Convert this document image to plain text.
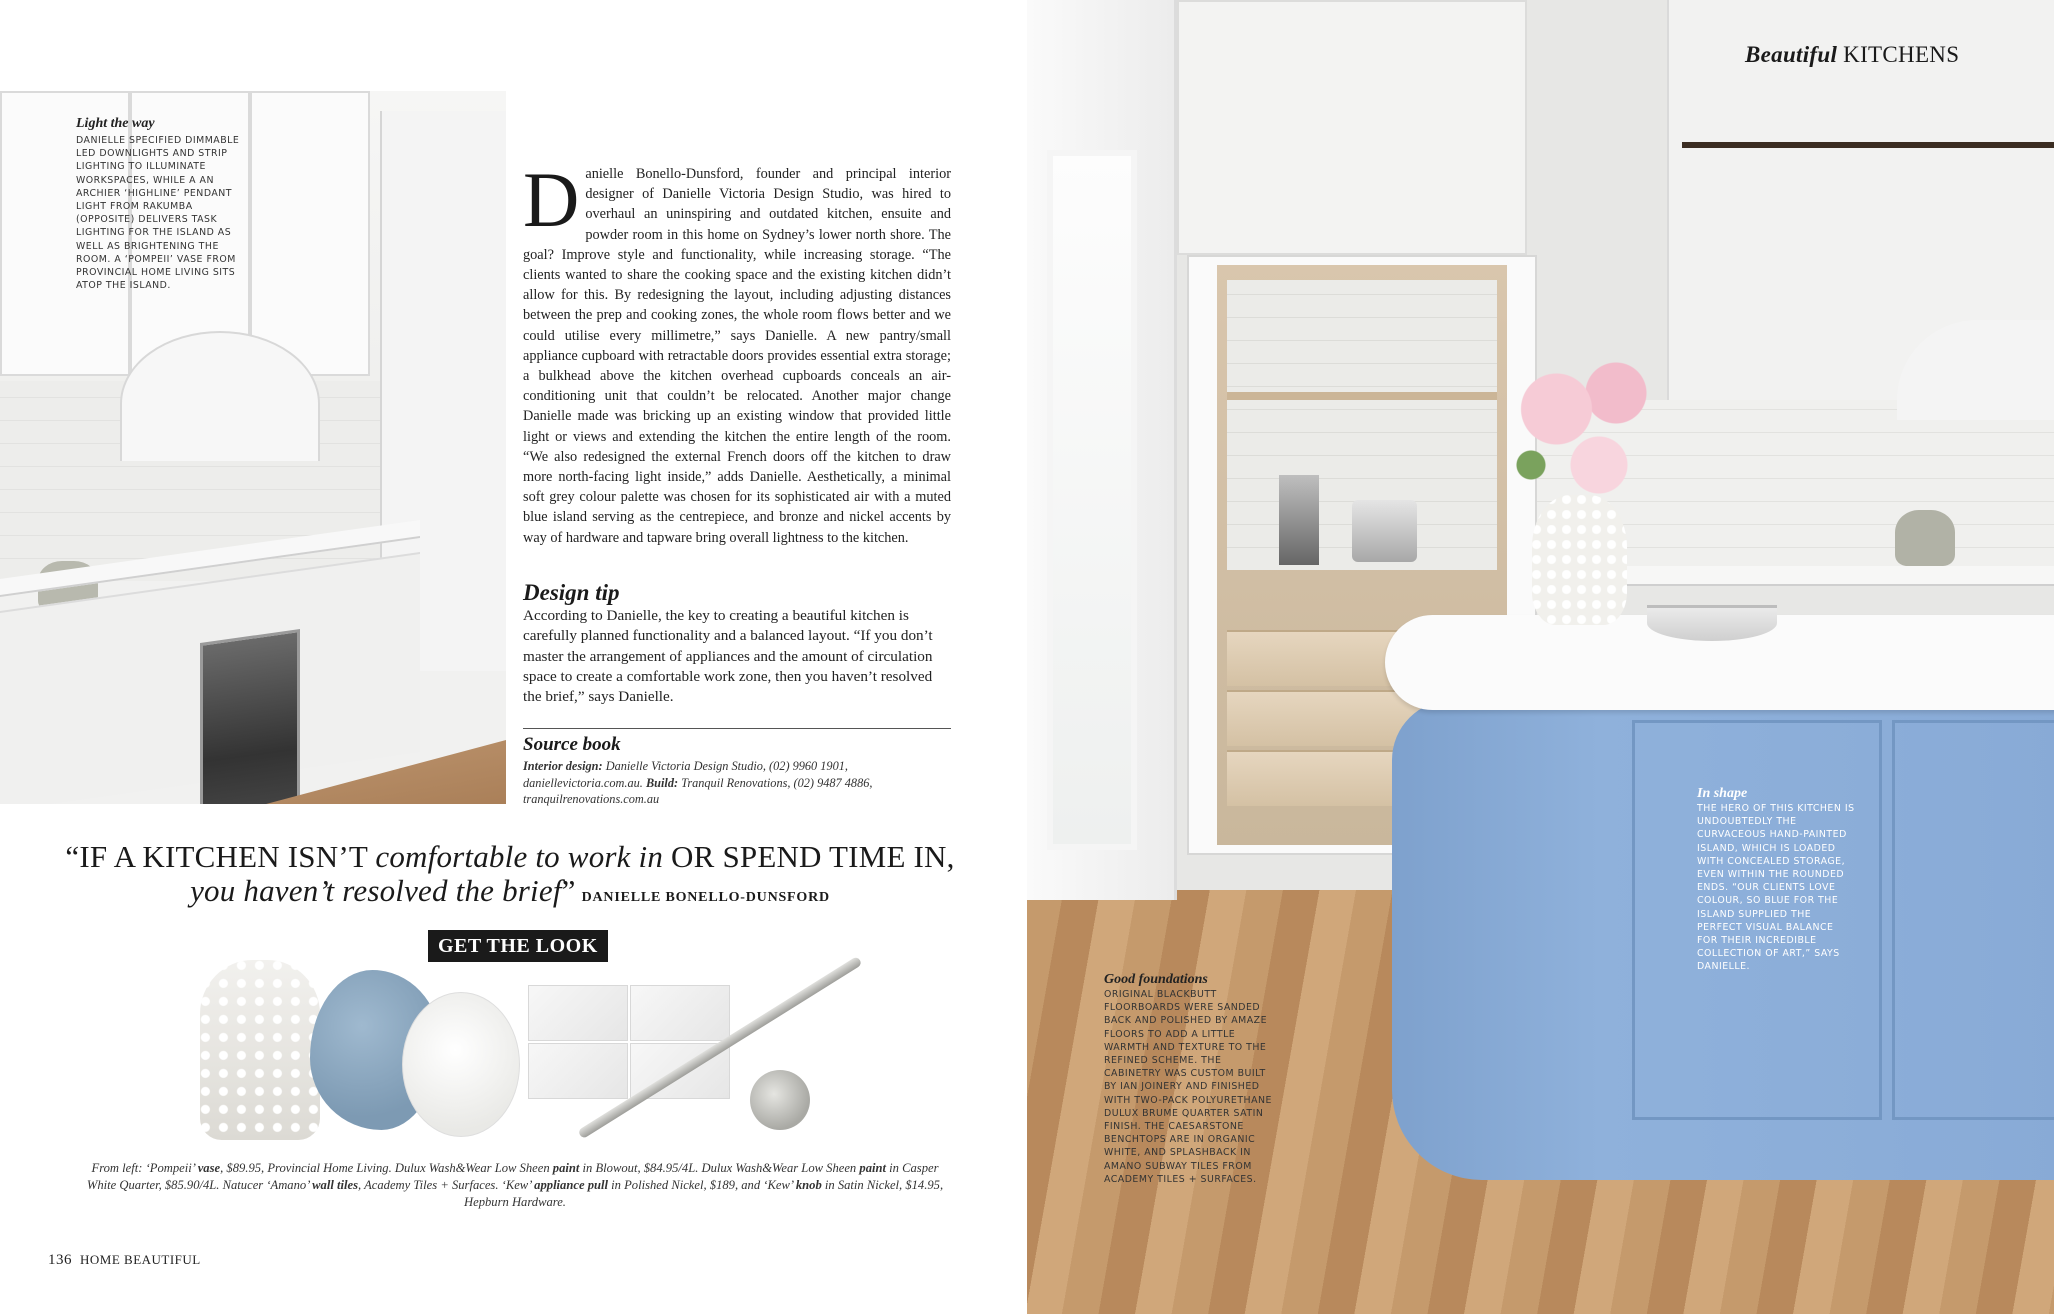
Light the way
DANIELLE SPECIFIED DIMMABLE LED DOWNLIGHTS AND STRIP LIGHTING TO ILLUMINATE WORKSPACES, WHILE A AN ARCHIER ‘HIGHLINE’ PENDANT LIGHT FROM RAKUMBA (OPPOSITE) DELIVERS TASK LIGHTING FOR THE ISLAND AS WELL AS BRIGHTENING THE ROOM. A ‘POMPEII’ VASE FROM PROVINCIAL HOME LIVING SITS ATOP THE ISLAND.
Danielle Bonello-Dunsford, founder and principal interior designer of Danielle Victoria Design Studio, was hired to overhaul an uninspiring and outdated kitchen, ensuite and powder room in this home on Sydney’s lower north shore. The goal? Improve style and functionality, while increasing storage. “The clients wanted to share the cooking space and the existing kitchen didn’t allow for this. By redesigning the layout, including adjusting distances between the prep and cooking zones, the whole room flows better and we could utilise every millimetre,” says Danielle. A new pantry/small appliance cupboard with retractable doors provides essential extra storage; a bulkhead above the kitchen overhead cupboards conceals an air-conditioning unit that couldn’t be relocated. Another major change Danielle made was bricking up an existing window that provided little light or views and extending the kitchen the entire length of the room. “We also redesigned the external French doors off the kitchen to draw more north-facing light inside,” adds Danielle. Aesthetically, a minimal soft grey colour palette was chosen for its sophisticated air with a muted blue island serving as the centrepiece, and bronze and nickel accents by way of hardware and tapware bring overall lightness to the kitchen.
Design tip
According to Danielle, the key to creating a beautiful kitchen is carefully planned functionality and a balanced layout. “If you don’t master the arrangement of appliances and the amount of circulation space to create a comfortable work zone, then you haven’t resolved the brief,” says Danielle.
Source book
Interior design: Danielle Victoria Design Studio, (02) 9960 1901, daniellevictoria.com.au. Build: Tranquil Renovations, (02) 9487 4886, tranquilrenovations.com.au
“IF A KITCHEN ISN’T comfortable to work in OR SPEND TIME IN, you haven’t resolved the brief” DANIELLE BONELLO-DUNSFORD
GET THE LOOK
From left: ‘Pompeii’ vase, $89.95, Provincial Home Living. Dulux Wash&Wear Low Sheen paint in Blowout, $84.95/4L. Dulux Wash&Wear Low Sheen paint in Casper White Quarter, $85.90/4L. Natucer ‘Amano’ wall tiles, Academy Tiles + Surfaces. ‘Kew’ appliance pull in Polished Nickel, $189, and ‘Kew’ knob in Satin Nickel, $14.95, Hepburn Hardware.
136 HOME BEAUTIFUL
Beautiful KITCHENS
In shape
THE HERO OF THIS KITCHEN IS UNDOUBTEDLY THE CURVACEOUS HAND-PAINTED ISLAND, WHICH IS LOADED WITH CONCEALED STORAGE, EVEN WITHIN THE ROUNDED ENDS. “OUR CLIENTS LOVE COLOUR, SO BLUE FOR THE ISLAND SUPPLIED THE PERFECT VISUAL BALANCE FOR THEIR INCREDIBLE COLLECTION OF ART,” SAYS DANIELLE.
Good foundations
ORIGINAL BLACKBUTT FLOORBOARDS WERE SANDED BACK AND POLISHED BY AMAZE FLOORS TO ADD A LITTLE WARMTH AND TEXTURE TO THE REFINED SCHEME. THE CABINETRY WAS CUSTOM BUILT BY IAN JOINERY AND FINISHED WITH TWO-PACK POLYURETHANE DULUX BRUME QUARTER SATIN FINISH. THE CAESARSTONE BENCHTOPS ARE IN ORGANIC WHITE, AND SPLASHBACK IN AMANO SUBWAY TILES FROM ACADEMY TILES + SURFACES.
